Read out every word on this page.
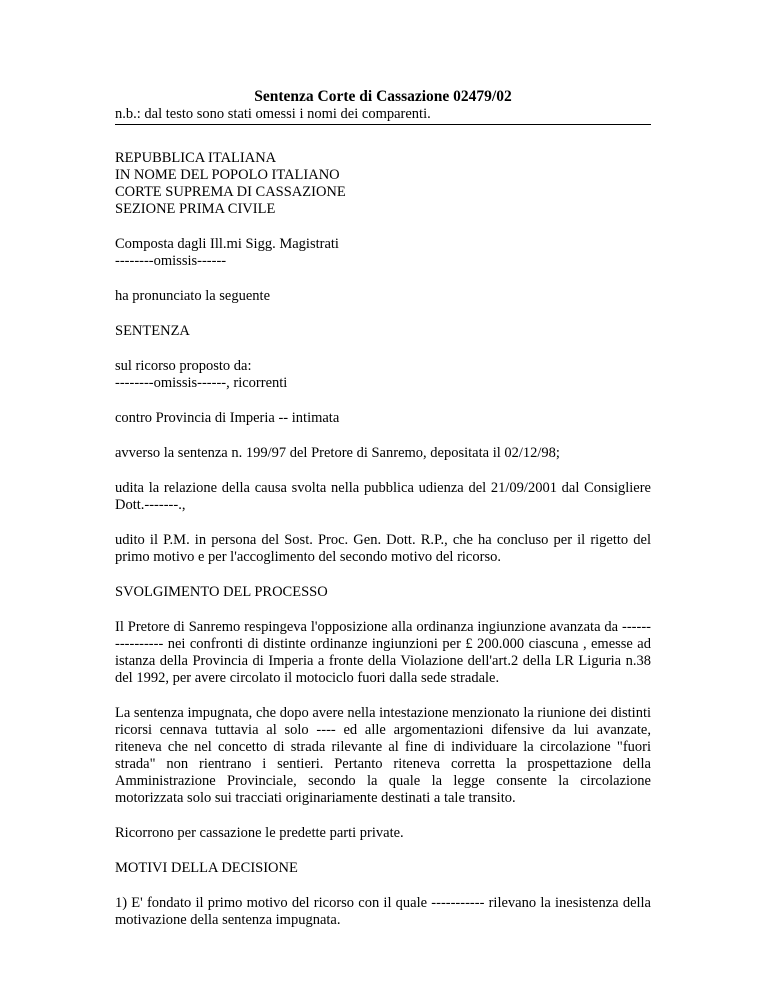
Sentenza Corte di Cassazione 02479/02

n.b.: dal testo sono stati omessi i nomi dei comparenti.

REPUBBLICA ITALIANA
IN NOME DEL POPOLO ITALIANO
CORTE SUPREMA DI CASSAZIONE
SEZIONE PRIMA CIVILE
Composta dagli Ill.mi Sigg. Magistrati
--------omissis------

ha pronunciato la seguente

SENTENZA

sul ricorso proposto da:
--------omissis------, ricorrenti

contro Provincia di Imperia -- intimata

avverso la sentenza n. 199/97 del Pretore di Sanremo, depositata il 02/12/98;

udita la relazione della causa svolta nella pubblica udienza del 21/09/2001 dal Consigliere Dott.-------.,

udito il P.M. in persona del Sost. Proc. Gen. Dott. R.P., che ha concluso per il rigetto del primo motivo e per l'accoglimento del secondo motivo del ricorso.

SVOLGIMENTO DEL PROCESSO

Il Pretore di Sanremo respingeva l'opposizione alla ordinanza ingiunzione avanzata da ---------------- nei confronti di distinte ordinanze ingiunzioni per £ 200.000 ciascuna , emesse ad istanza della Provincia di Imperia a fronte della Violazione dell'art.2 della LR Liguria n.38 del 1992, per avere circolato il motociclo fuori dalla sede stradale.

La sentenza impugnata, che dopo avere nella intestazione menzionato la riunione dei distinti ricorsi cennava tuttavia al solo ---- ed alle argomentazioni difensive da lui avanzate, riteneva che nel concetto di strada rilevante al fine di individuare la circolazione "fuori strada" non rientrano i sentieri. Pertanto riteneva corretta la prospettazione della Amministrazione Provinciale, secondo la quale la legge consente la circolazione motorizzata solo sui tracciati originariamente destinati a tale transito.

Ricorrono per cassazione le predette parti private.

MOTIVI DELLA DECISIONE

1) E' fondato il primo motivo del ricorso con il quale ----------- rilevano la inesistenza della motivazione della sentenza impugnata.
